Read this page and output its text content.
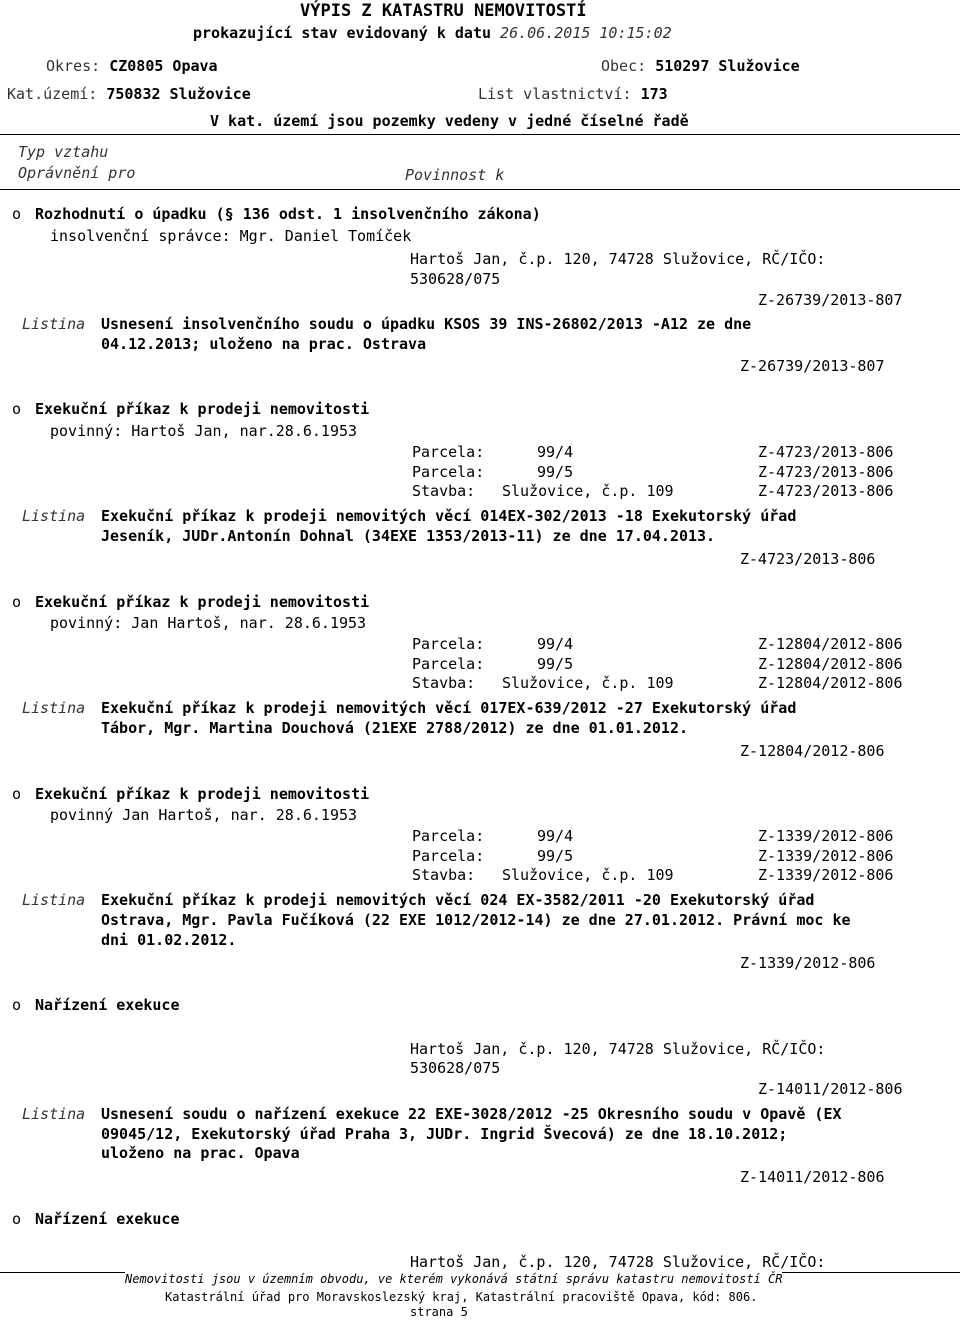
VÝPIS Z KATASTRU NEMOVITOSTÍ
prokazující stav evidovaný k datu 26.06.2015 10:15:02
Okres: CZ0805 Opava	Obec: 510297 Služovice
Kat.území: 750832 Služovice	List vlastnictví: 173
V kat. území jsou pozemky vedeny v jedné číselné řadě
Typ vztahu
Oprávnění pro	Povinnost k
o Rozhodnutí o úpadku (§ 136 odst. 1 insolvenčního zákona)
insolvenční správce: Mgr. Daniel Tomíček
Hartoš Jan, č.p. 120, 74728 Služovice, RČ/IČO:
530628/075
Z-26739/2013-807
Listina Usnesení insolvenčního soudu o úpadku KSOS 39 INS-26802/2013 -A12 ze dne
04.12.2013; uloženo na prac. Ostrava
Z-26739/2013-807
o Exekuční příkaz k prodeji nemovitosti
povinný: Hartoš Jan, nar.28.6.1953
Parcela:	99/4	Z-4723/2013-806
Parcela:	99/5	Z-4723/2013-806
Stavba: Služovice, č.p. 109	Z-4723/2013-806
Listina Exekuční příkaz k prodeji nemovitých věcí 014EX-302/2013 -18 Exekutorský úřad
Jeseník, JUDr.Antonín Dohnal (34EXE 1353/2013-11) ze dne 17.04.2013.
Z-4723/2013-806
o Exekuční příkaz k prodeji nemovitosti
povinný: Jan Hartoš, nar. 28.6.1953
Parcela:	99/4	Z-12804/2012-806
Parcela:	99/5	Z-12804/2012-806
Stavba: Služovice, č.p. 109	Z-12804/2012-806
Listina Exekuční příkaz k prodeji nemovitých věcí 017EX-639/2012 -27 Exekutorský úřad
Tábor, Mgr. Martina Douchová (21EXE 2788/2012) ze dne 01.01.2012.
Z-12804/2012-806
o Exekuční příkaz k prodeji nemovitosti
povinný Jan Hartoš, nar. 28.6.1953
Parcela:	99/4	Z-1339/2012-806
Parcela:	99/5	Z-1339/2012-806
Stavba: Služovice, č.p. 109	Z-1339/2012-806
Listina Exekuční příkaz k prodeji nemovitých věcí 024 EX-3582/2011 -20 Exekutorský úřad
Ostrava, Mgr. Pavla Fučíková (22 EXE 1012/2012-14) ze dne 27.01.2012. Právní moc ke
dni 01.02.2012.
Z-1339/2012-806
o Nařízení exekuce
Hartoš Jan, č.p. 120, 74728 Služovice, RČ/IČO:
530628/075
Z-14011/2012-806
Listina Usnesení soudu o nařízení exekuce 22 EXE-3028/2012 -25 Okresního soudu v Opavě (EX
09045/12, Exekutorský úřad Praha 3, JUDr. Ingrid Švecová) ze dne 18.10.2012;
uloženo na prac. Opava
Z-14011/2012-806
o Nařízení exekuce
Hartoš Jan, č.p. 120, 74728 Služovice, RČ/IČO:
Nemovitosti jsou v územním obvodu, ve kterém vykonává státní správu katastru nemovitostí ČR
Katastrální úřad pro Moravskoslezský kraj, Katastrální pracoviště Opava, kód: 806.
strana 5
